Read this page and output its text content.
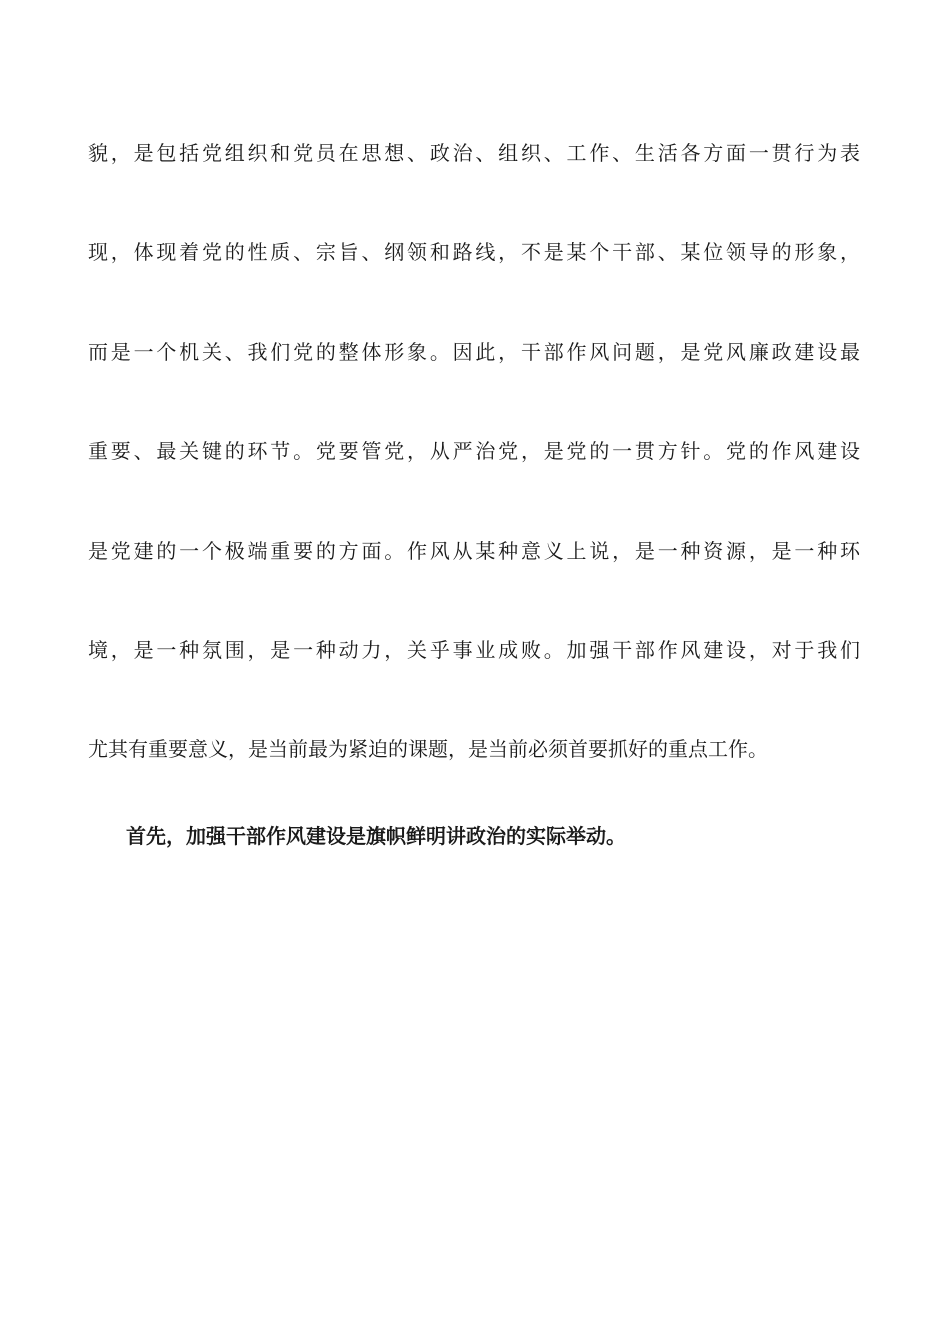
貌，是包括党组织和党员在思想、政治、组织、工作、生活各方面一贯行为表
现，体现着党的性质、宗旨、纲领和路线，不是某个干部、某位领导的形象，
而是一个机关、我们党的整体形象。因此，干部作风问题，是党风廉政建设最
重要、最关键的环节。党要管党，从严治党，是党的一贯方针。党的作风建设
是党建的一个极端重要的方面。作风从某种意义上说，是一种资源，是一种环
境，是一种氛围，是一种动力，关乎事业成败。加强干部作风建设，对于我们
尤其有重要意义，是当前最为紧迫的课题，是当前必须首要抓好的重点工作。
首先，加强干部作风建设是旗帜鲜明讲政治的实际举动。
